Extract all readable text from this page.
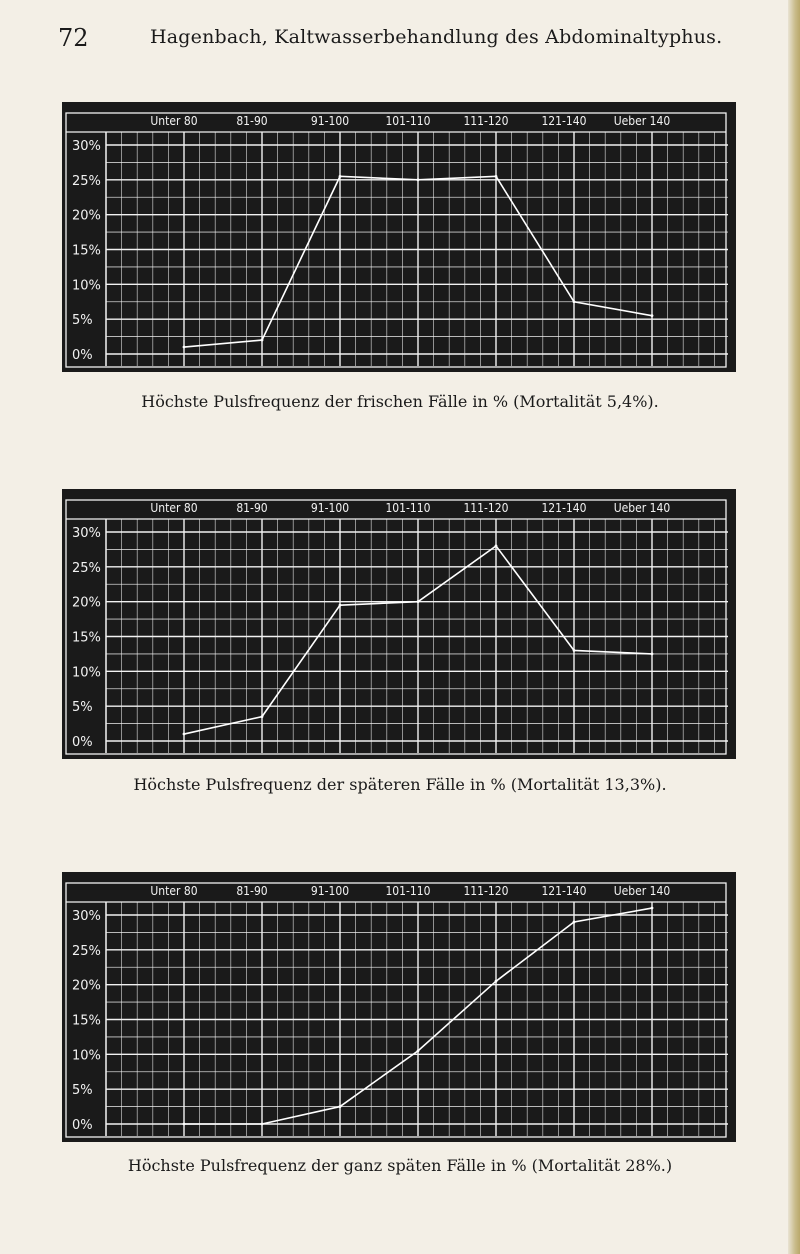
72	Hagenbach, Kaltwasserbehandlung des Abdominaltyphus.
Unter 80	81-90	91-100	101-110	111-120	121-140 Ueber 140
30%
25%
20%
15%
10%
5%
0%
Höchste Pulsfrequenz der frischen Fälle in % (Mortalität 5,4%).
Unter 80	81-90	91-100	101-110	111-120	121-140 Ueber 140
30%
25%
20%
15%
10%
5%
0%
Höchste Pulsfrequenz der späteren Fälle in % (Mortalität 13,3%).
Unter 80	81-90	91-100	101-110	111-120	121-140 Ueber 140
30%
25%
20%
15%
10%
5%
0%
Höchste Pulsfrequenz der ganz späten Fälle in % (Mortalität 28%.)
